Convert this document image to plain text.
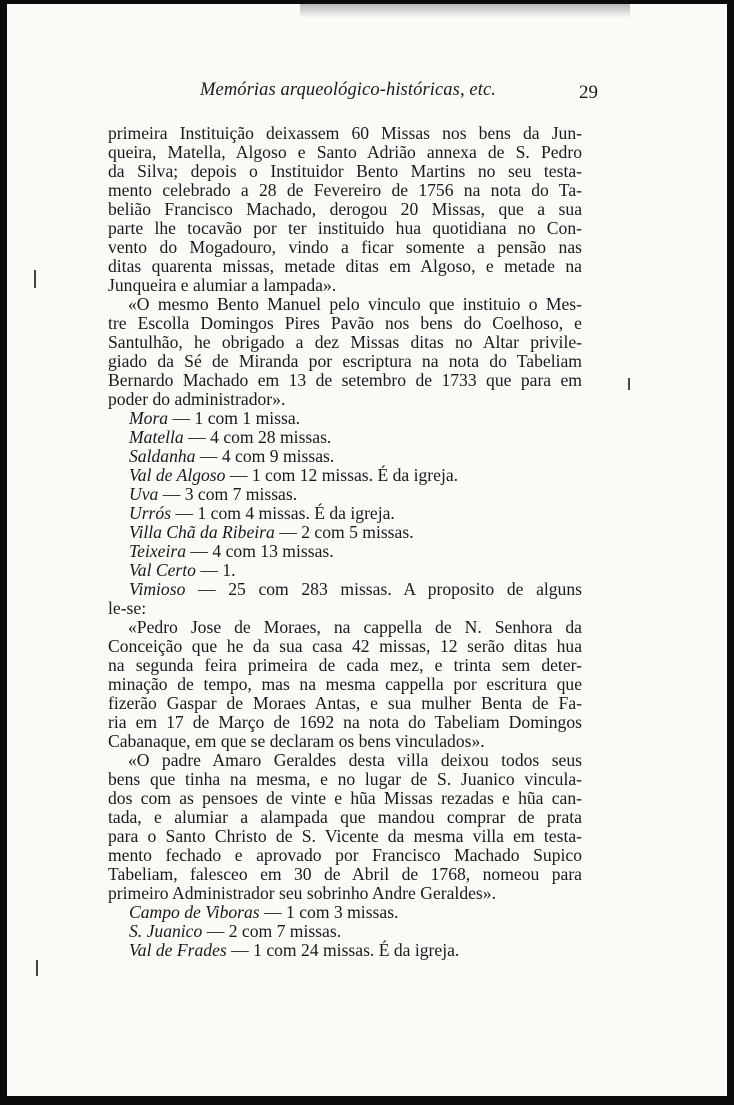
Memórias arqueológico-históricas, etc.	29
primeira Instituição deixassem 60 Missas nos bens da Jun-
queira, Matella, Algoso e Santo Adrião annexa de S. Pedro
da Silva; depois o Instituidor Bento Martins no seu testa-
mento celebrado a 28 de Fevereiro de 1756 na nota do Ta-
belião Francisco Machado, derogou 20 Missas, que a sua
parte lhe tocavão por ter instituido hua quotidiana no Con-
vento do Mogadouro, vindo a ficar somente a pensão nas
ditas quarenta missas, metade ditas em Algoso, e metade na
Junqueira e alumiar a lampada».
«O mesmo Bento Manuel pelo vinculo que instituio o Mes-
tre Escolla Domingos Pires Pavão nos bens do Coelhoso, e
Santulhão, he obrigado a dez Missas ditas no Altar privile-
giado da Sé de Miranda por escriptura na nota do Tabeliam
Bernardo Machado em 13 de setembro de 1733 que para em
poder do administrador».
Mora — 1 com 1 missa.
Matella — 4 com 28 missas.
Saldanha — 4 com 9 missas.
Val de Algoso — 1 com 12 missas. É da igreja.
Uva — 3 com 7 missas.
Urrós — 1 com 4 missas. É da igreja.
Villa Chã da Ribeira — 2 com 5 missas.
Teixeira — 4 com 13 missas.
Val Certo — 1.
Vimioso — 25 com 283 missas. A proposito de alguns
le-se:
«Pedro Jose de Moraes, na cappella de N. Senhora da
Conceição que he da sua casa 42 missas, 12 serão ditas hua
na segunda feira primeira de cada mez, e trinta sem deter-
minação de tempo, mas na mesma cappella por escritura que
fizerão Gaspar de Moraes Antas, e sua mulher Benta de Fa-
ria em 17 de Março de 1692 na nota do Tabeliam Domingos
Cabanaque, em que se declaram os bens vinculados».
«O padre Amaro Geraldes desta villa deixou todos seus
bens que tinha na mesma, e no lugar de S. Juanico vincula-
dos com as pensoes de vinte e hũa Missas rezadas e hũa can-
tada, e alumiar a alampada que mandou comprar de prata
para o Santo Christo de S. Vicente da mesma villa em testa-
mento fechado e aprovado por Francisco Machado Supico
Tabeliam, falesceo em 30 de Abril de 1768, nomeou para
primeiro Administrador seu sobrinho Andre Geraldes».
Campo de Viboras — 1 com 3 missas.
S. Juanico — 2 com 7 missas.
Val de Frades — 1 com 24 missas. É da igreja.
